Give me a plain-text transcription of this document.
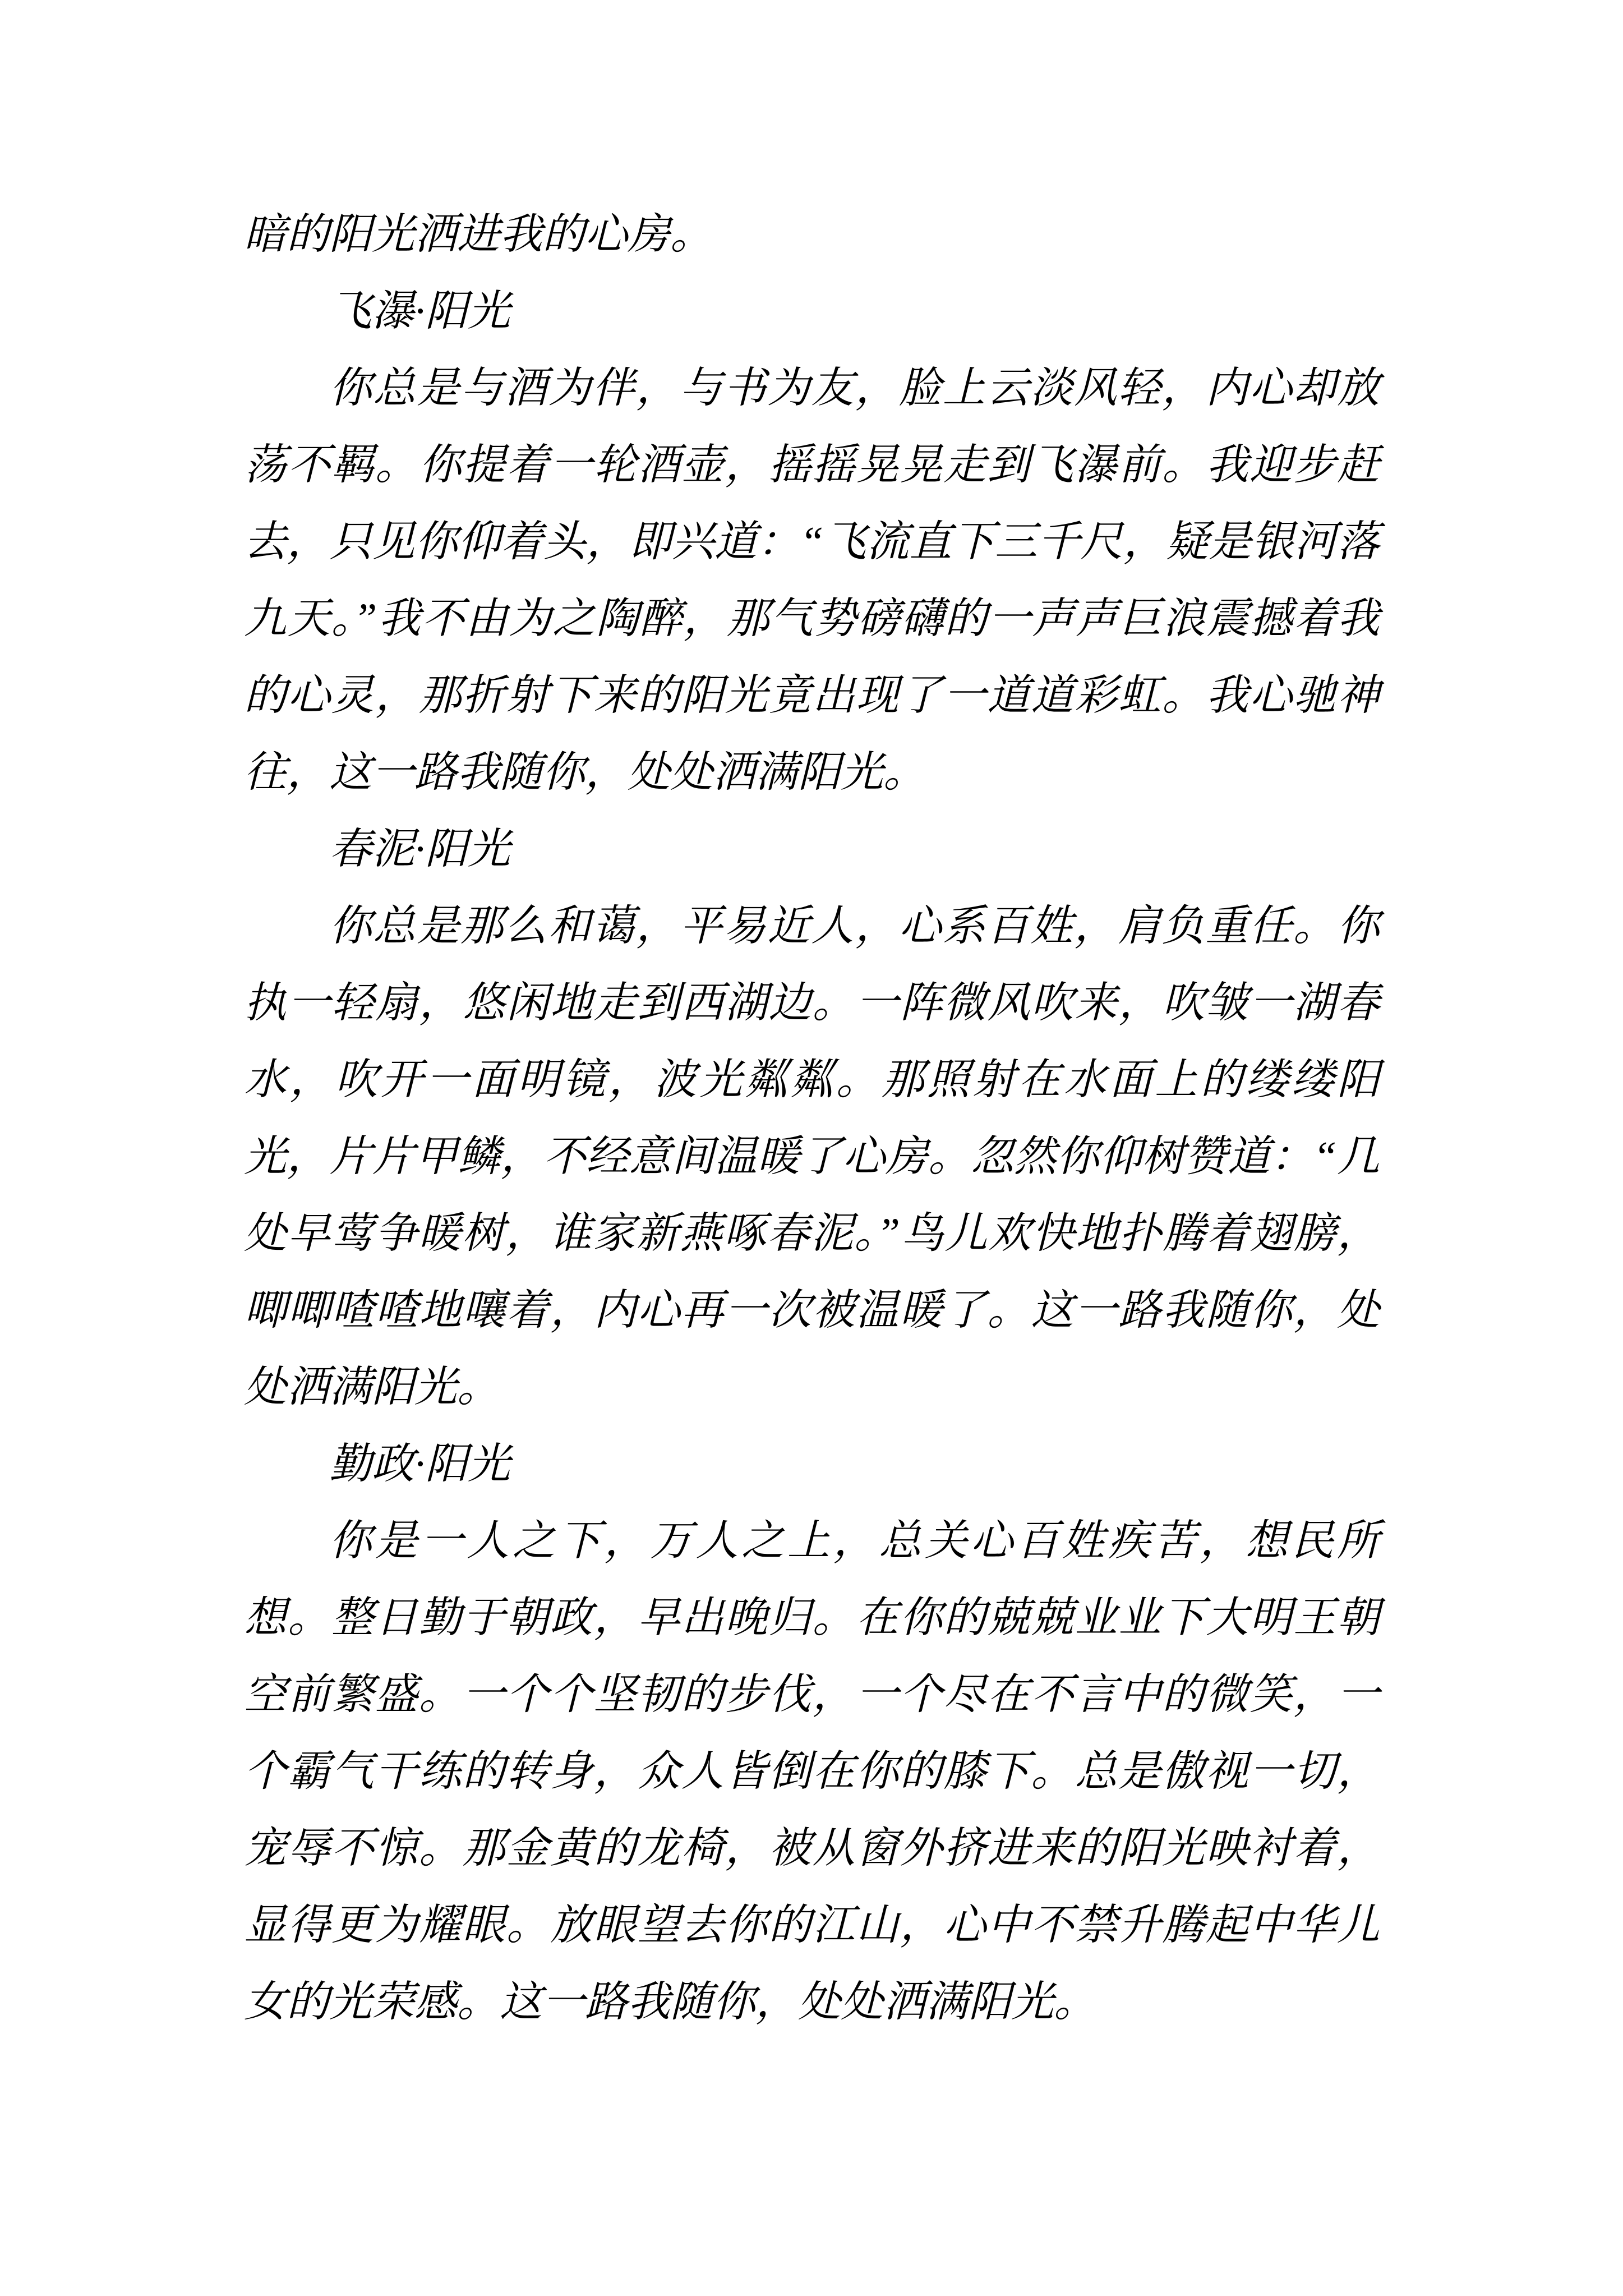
暗的阳光洒进我的心房。

飞瀑·阳光

你总是与酒为伴，与书为友，脸上云淡风轻，内心却放荡不羁。你提着一轮酒壶，摇摇晃晃走到飞瀑前。我迎步赶去，只见你仰着头，即兴道：“飞流直下三千尺，疑是银河落九天。”我不由为之陶醉，那气势磅礴的一声声巨浪震撼着我的心灵，那折射下来的阳光竟出现了一道道彩虹。我心驰神往，这一路我随你，处处洒满阳光。

春泥·阳光

你总是那么和蔼，平易近人，心系百姓，肩负重任。你执一轻扇，悠闲地走到西湖边。一阵微风吹来，吹皱一湖春水，吹开一面明镜，波光粼粼。那照射在水面上的缕缕阳光，片片甲鳞，不经意间温暖了心房。忽然你仰树赞道：“几处早莺争暖树，谁家新燕啄春泥。”鸟儿欢快地扑腾着翅膀，唧唧喳喳地嚷着，内心再一次被温暖了。这一路我随你，处处洒满阳光。

勤政·阳光

你是一人之下，万人之上，总关心百姓疾苦，想民所想。整日勤于朝政，早出晚归。在你的兢兢业业下大明王朝空前繁盛。一个个坚韧的步伐，一个尽在不言中的微笑，一个霸气干练的转身，众人皆倒在你的膝下。总是傲视一切，宠辱不惊。那金黄的龙椅，被从窗外挤进来的阳光映衬着，显得更为耀眼。放眼望去你的江山，心中不禁升腾起中华儿女的光荣感。这一路我随你，处处洒满阳光。
